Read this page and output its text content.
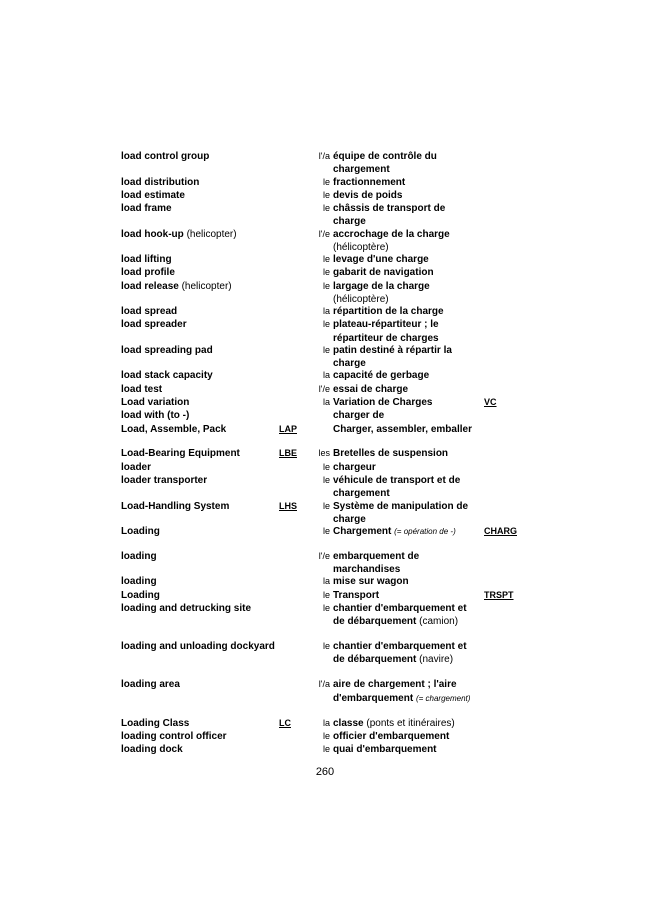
load control group	l'/a équipe de contrôle du chargement
load distribution	le fractionnement
load estimate	le devis de poids
load frame	le châssis de transport de charge
load hook-up (helicopter)	l'/e accrochage de la charge
(hélicoptère)
load lifting	le levage d'une charge
load profile	le gabarit de navigation
load release (helicopter)	le largage de la charge
(hélicoptère)
load spread	la répartition de la charge
load spreader	le plateau-répartiteur ; le répartiteur de charges
load spreading pad	le patin destiné à répartir la charge
load stack capacity	la capacité de gerbage
load test	l'/e essai de charge
Load variation	la Variation de Charges	VC
load with (to -)	charger de
Load, Assemble, Pack	LAP	Charger, assembler, emballer
Load-Bearing Equipment	LBE	les Bretelles de suspension
loader	le chargeur
loader transporter	le véhicule de transport et de chargement
Load-Handling System	LHS	le Système de manipulation de charge
Loading	le Chargement (= opération de -)	CHARG
loading	l'/e embarquement de marchandises
loading	la mise sur wagon
Loading	le Transport	TRSPT
loading and detrucking site	le chantier d'embarquement et de débarquement (camion)
loading and unloading dockyard	le chantier d'embarquement et de débarquement (navire)
loading area	l'/a aire de chargement ; l'aire d'embarquement (= chargement)
Loading Class	LC	la classe (ponts et itinéraires)
loading control officer	le officier d'embarquement
loading dock	le quai d'embarquement
260
